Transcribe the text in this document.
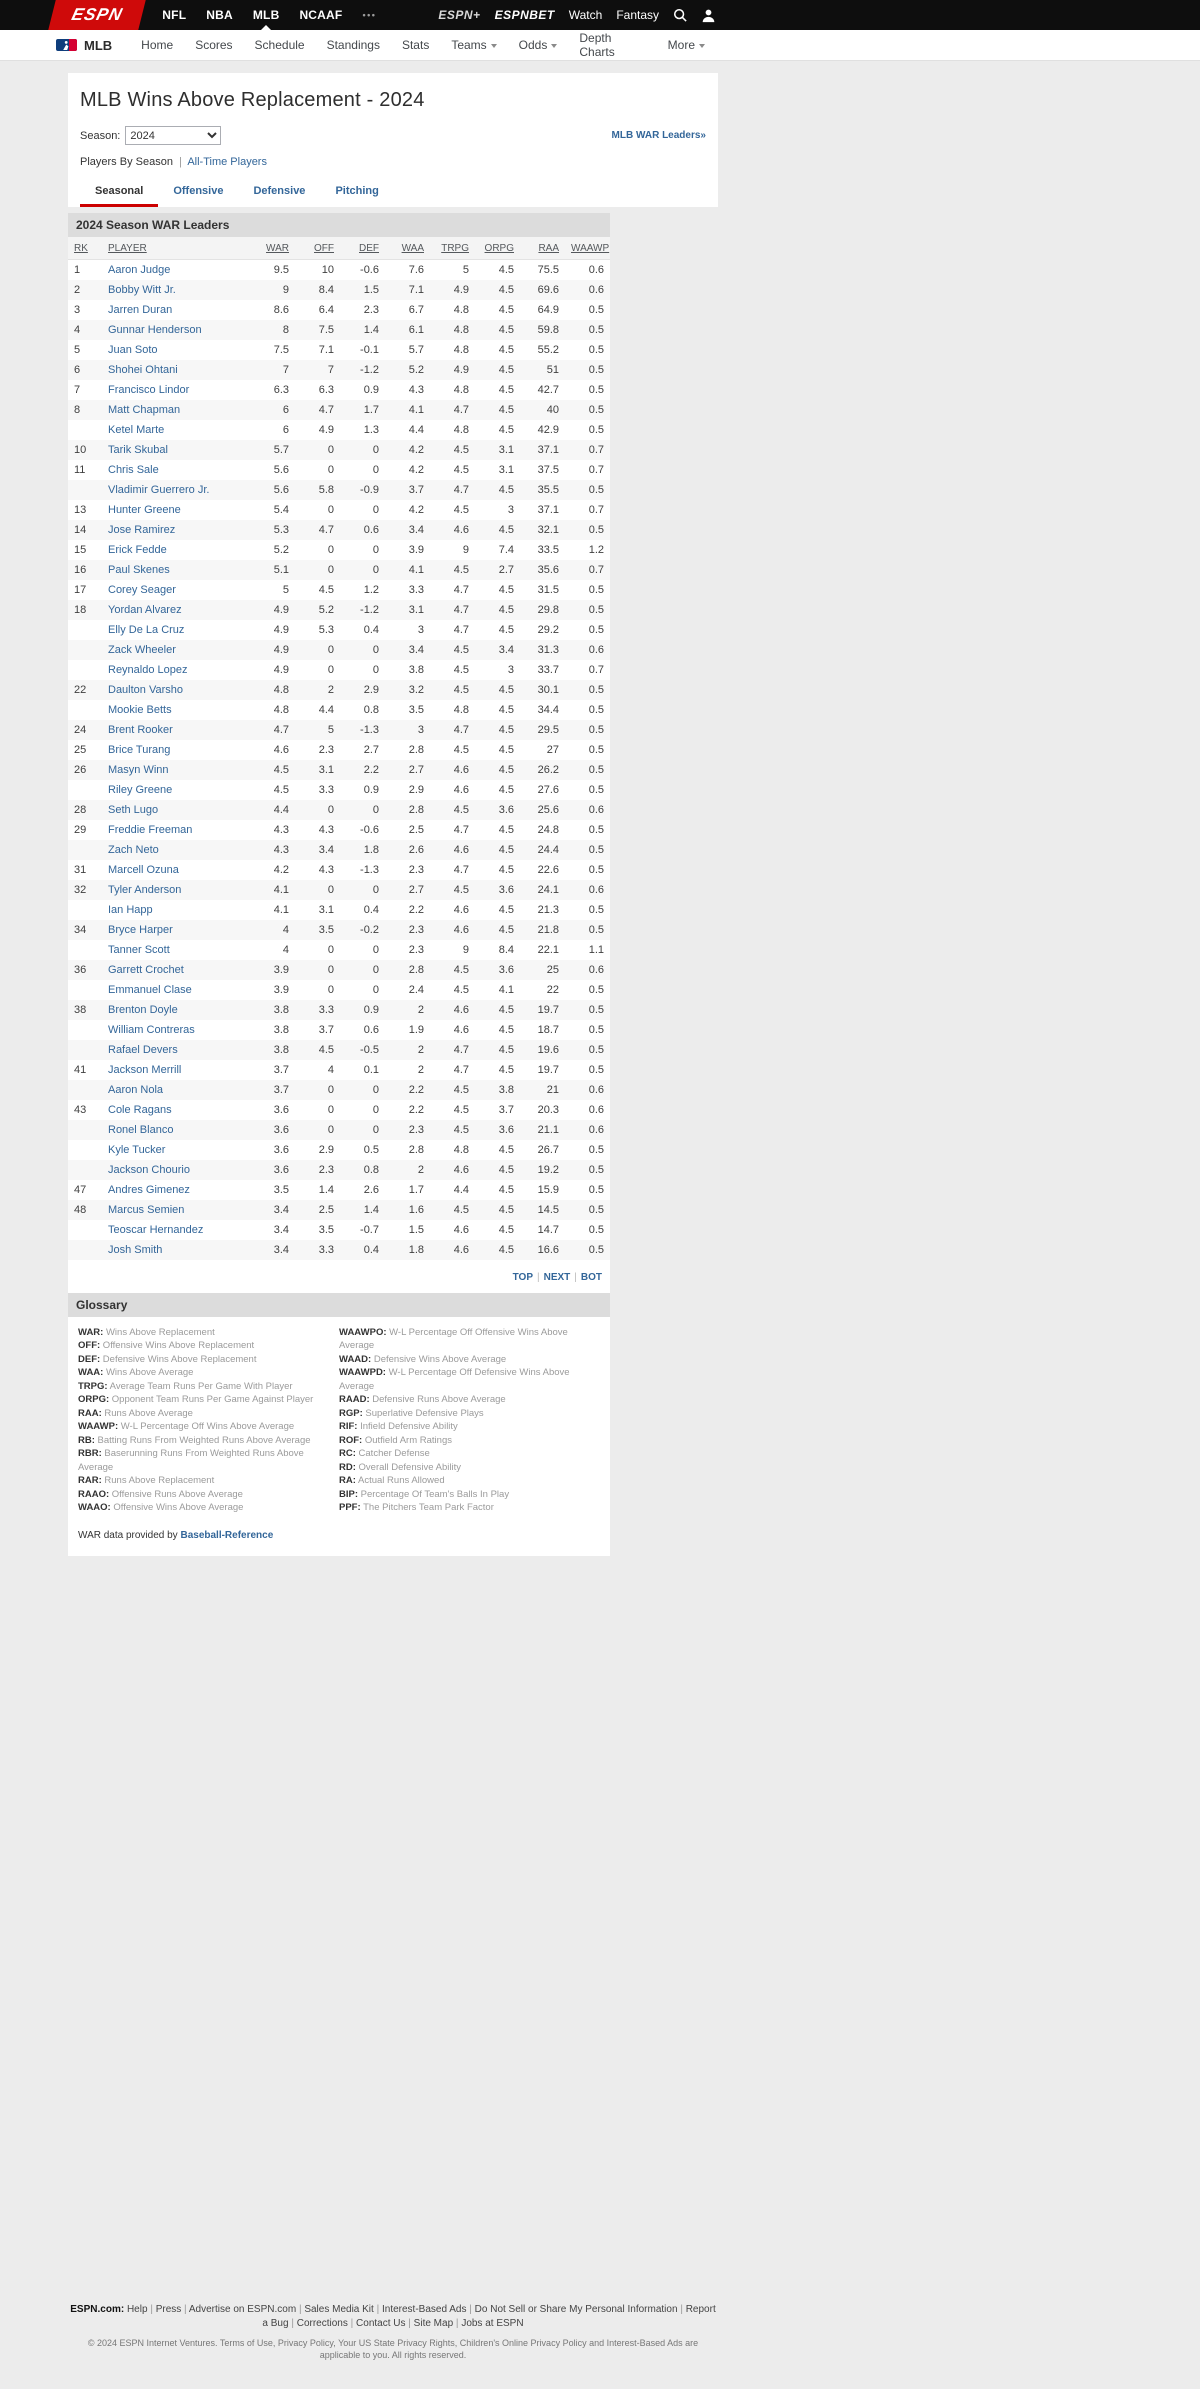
ESPN	NFL	NBA	MLB	NCAAF	•••	ESPN+ ESPNBET Watch Fantasy
MLB	Home	Scores	Schedule	Standings	Stats	Teams	Odds	Depth Charts	More
MLB Wins Above Replacement - 2024
Season:
2024	MLB WAR Leaders»
Players By Season | All-Time Players
Seasonal	Offensive	Defensive	Pitching
2024 Season WAR Leaders
RK	PLAYER	WAR	OFF	DEF	WAA	TRPG	ORPG	RAA	WAAWP
1	Aaron Judge	9.5	10	-0.6	7.6	5	4.5	75.5	0.6
2	Bobby Witt Jr.	9	8.4	1.5	7.1	4.9	4.5	69.6	0.6
3	Jarren Duran	8.6	6.4	2.3	6.7	4.8	4.5	64.9	0.5
4	Gunnar Henderson	8	7.5	1.4	6.1	4.8	4.5	59.8	0.5
5	Juan Soto	7.5	7.1	-0.1	5.7	4.8	4.5	55.2	0.5
6	Shohei Ohtani	7	7	-1.2	5.2	4.9	4.5	51	0.5
7	Francisco Lindor	6.3	6.3	0.9	4.3	4.8	4.5	42.7	0.5
8	Matt Chapman	6	4.7	1.7	4.1	4.7	4.5	40	0.5
	Ketel Marte	6	4.9	1.3	4.4	4.8	4.5	42.9	0.5
10	Tarik Skubal	5.7	0	0	4.2	4.5	3.1	37.1	0.7
11	Chris Sale	5.6	0	0	4.2	4.5	3.1	37.5	0.7
	Vladimir Guerrero Jr.	5.6	5.8	-0.9	3.7	4.7	4.5	35.5	0.5
13	Hunter Greene	5.4	0	0	4.2	4.5	3	37.1	0.7
14	Jose Ramirez	5.3	4.7	0.6	3.4	4.6	4.5	32.1	0.5
15	Erick Fedde	5.2	0	0	3.9	9	7.4	33.5	1.2
16	Paul Skenes	5.1	0	0	4.1	4.5	2.7	35.6	0.7
17	Corey Seager	5	4.5	1.2	3.3	4.7	4.5	31.5	0.5
18	Yordan Alvarez	4.9	5.2	-1.2	3.1	4.7	4.5	29.8	0.5
	Elly De La Cruz	4.9	5.3	0.4	3	4.7	4.5	29.2	0.5
	Zack Wheeler	4.9	0	0	3.4	4.5	3.4	31.3	0.6
	Reynaldo Lopez	4.9	0	0	3.8	4.5	3	33.7	0.7
22	Daulton Varsho	4.8	2	2.9	3.2	4.5	4.5	30.1	0.5
	Mookie Betts	4.8	4.4	0.8	3.5	4.8	4.5	34.4	0.5
24	Brent Rooker	4.7	5	-1.3	3	4.7	4.5	29.5	0.5
25	Brice Turang	4.6	2.3	2.7	2.8	4.5	4.5	27	0.5
26	Masyn Winn	4.5	3.1	2.2	2.7	4.6	4.5	26.2	0.5
	Riley Greene	4.5	3.3	0.9	2.9	4.6	4.5	27.6	0.5
28	Seth Lugo	4.4	0	0	2.8	4.5	3.6	25.6	0.6
29	Freddie Freeman	4.3	4.3	-0.6	2.5	4.7	4.5	24.8	0.5
	Zach Neto	4.3	3.4	1.8	2.6	4.6	4.5	24.4	0.5
31	Marcell Ozuna	4.2	4.3	-1.3	2.3	4.7	4.5	22.6	0.5
32	Tyler Anderson	4.1	0	0	2.7	4.5	3.6	24.1	0.6
	Ian Happ	4.1	3.1	0.4	2.2	4.6	4.5	21.3	0.5
34	Bryce Harper	4	3.5	-0.2	2.3	4.6	4.5	21.8	0.5
	Tanner Scott	4	0	0	2.3	9	8.4	22.1	1.1
36	Garrett Crochet	3.9	0	0	2.8	4.5	3.6	25	0.6
	Emmanuel Clase	3.9	0	0	2.4	4.5	4.1	22	0.5
38	Brenton Doyle	3.8	3.3	0.9	2	4.6	4.5	19.7	0.5
	William Contreras	3.8	3.7	0.6	1.9	4.6	4.5	18.7	0.5
	Rafael Devers	3.8	4.5	-0.5	2	4.7	4.5	19.6	0.5
41	Jackson Merrill	3.7	4	0.1	2	4.7	4.5	19.7	0.5
	Aaron Nola	3.7	0	0	2.2	4.5	3.8	21	0.6
43	Cole Ragans	3.6	0	0	2.2	4.5	3.7	20.3	0.6
	Ronel Blanco	3.6	0	0	2.3	4.5	3.6	21.1	0.6
	Kyle Tucker	3.6	2.9	0.5	2.8	4.8	4.5	26.7	0.5
	Jackson Chourio	3.6	2.3	0.8	2	4.6	4.5	19.2	0.5
47	Andres Gimenez	3.5	1.4	2.6	1.7	4.4	4.5	15.9	0.5
48	Marcus Semien	3.4	2.5	1.4	1.6	4.5	4.5	14.5	0.5
	Teoscar Hernandez	3.4	3.5	-0.7	1.5	4.6	4.5	14.7	0.5
	Josh Smith	3.4	3.3	0.4	1.8	4.6	4.5	16.6	0.5
TOP | NEXT | BOT
Glossary
WAR: Wins Above Replacement
OFF: Offensive Wins Above Replacement
DEF: Defensive Wins Above Replacement
WAA: Wins Above Average
TRPG: Average Team Runs Per Game With Player
ORPG: Opponent Team Runs Per Game Against Player
RAA: Runs Above Average
WAAWP: W-L Percentage Off Wins Above Average
RB: Batting Runs From Weighted Runs Above Average
RBR: Baserunning Runs From Weighted Runs Above Average
RAR: Runs Above Replacement
RAAO: Offensive Runs Above Average
WAAO: Offensive Wins Above Average
WAAWPO: W-L Percentage Off Offensive Wins Above Average
WAAD: Defensive Wins Above Average
WAAWPD: W-L Percentage Off Defensive Wins Above Average
RAAD: Defensive Runs Above Average
RGP: Superlative Defensive Plays
RIF: Infield Defensive Ability
ROF: Outfield Arm Ratings
RC: Catcher Defense
RD: Overall Defensive Ability
RA: Actual Runs Allowed
BIP: Percentage Of Team's Balls In Play
PPF: The Pitchers Team Park Factor
WAR data provided by Baseball-Reference
ESPN.com: Help | Press | Advertise on ESPN.com | Sales Media Kit | Interest-Based Ads | Do Not Sell or Share My Personal Information | Report a Bug | Corrections | Contact Us | Site Map | Jobs at ESPN
© 2024 ESPN Internet Ventures. Terms of Use, Privacy Policy, Your US State Privacy Rights, Children's Online Privacy Policy and Interest-Based Ads are applicable to you. All rights reserved.
